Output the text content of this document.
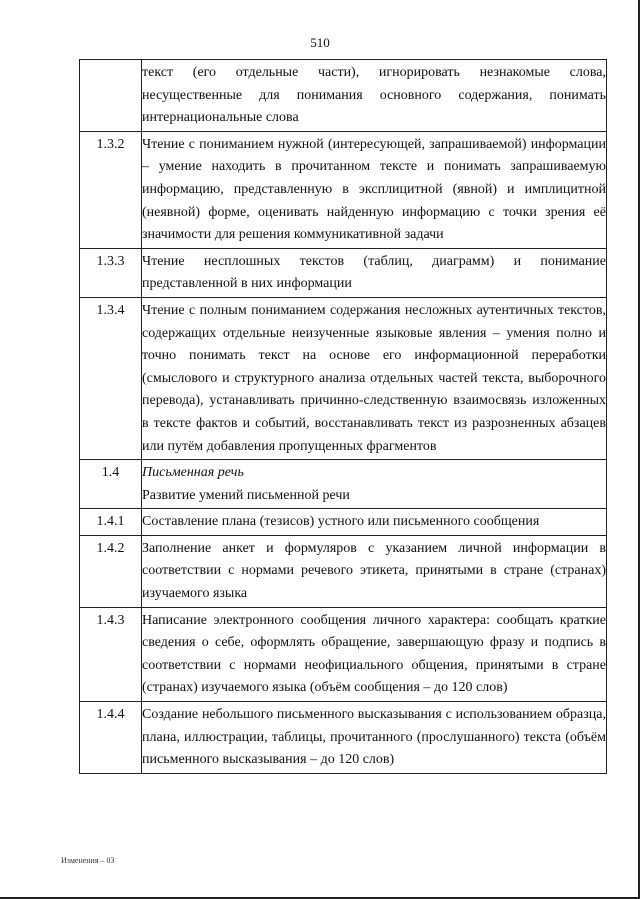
510
	текст (его отдельные части), игнорировать незнакомые слова, несущественные для понимания основного содержания, понимать интернациональные слова
1.3.2	Чтение с пониманием нужной (интересующей, запрашиваемой) информации – умение находить в прочитанном тексте и понимать запрашиваемую информацию, представленную в эксплицитной (явной) и имплицитной (неявной) форме, оценивать найденную информацию с точки зрения её значимости для решения коммуникативной задачи
1.3.3	Чтение несплошных текстов (таблиц, диаграмм) и понимание представленной в них информации
1.3.4	Чтение с полным пониманием содержания несложных аутентичных текстов, содержащих отдельные неизученные языковые явления – умения полно и точно понимать текст на основе его информационной переработки (смыслового и структурного анализа отдельных частей текста, выборочного перевода), устанавливать причинно-следственную взаимосвязь изложенных в тексте фактов и событий, восстанавливать текст из разрозненных абзацев или путём добавления пропущенных фрагментов
1.4	Письменная речь
Развитие умений письменной речи

1.4.1	Составление плана (тезисов) устного или письменного сообщения
1.4.2	Заполнение анкет и формуляров с указанием личной информации в соответствии с нормами речевого этикета, принятыми в стране (странах) изучаемого языка
1.4.3	Написание электронного сообщения личного характера: сообщать краткие сведения о себе, оформлять обращение, завершающую фразу и подпись в соответствии с нормами неофициального общения, принятыми в стране (странах) изучаемого языка (объём сообщения – до 120 слов)
1.4.4	Создание небольшого письменного высказывания с использованием образца, плана, иллюстрации, таблицы, прочитанного (прослушанного) текста (объём письменного высказывания – до 120 слов)
Изменения – 03
